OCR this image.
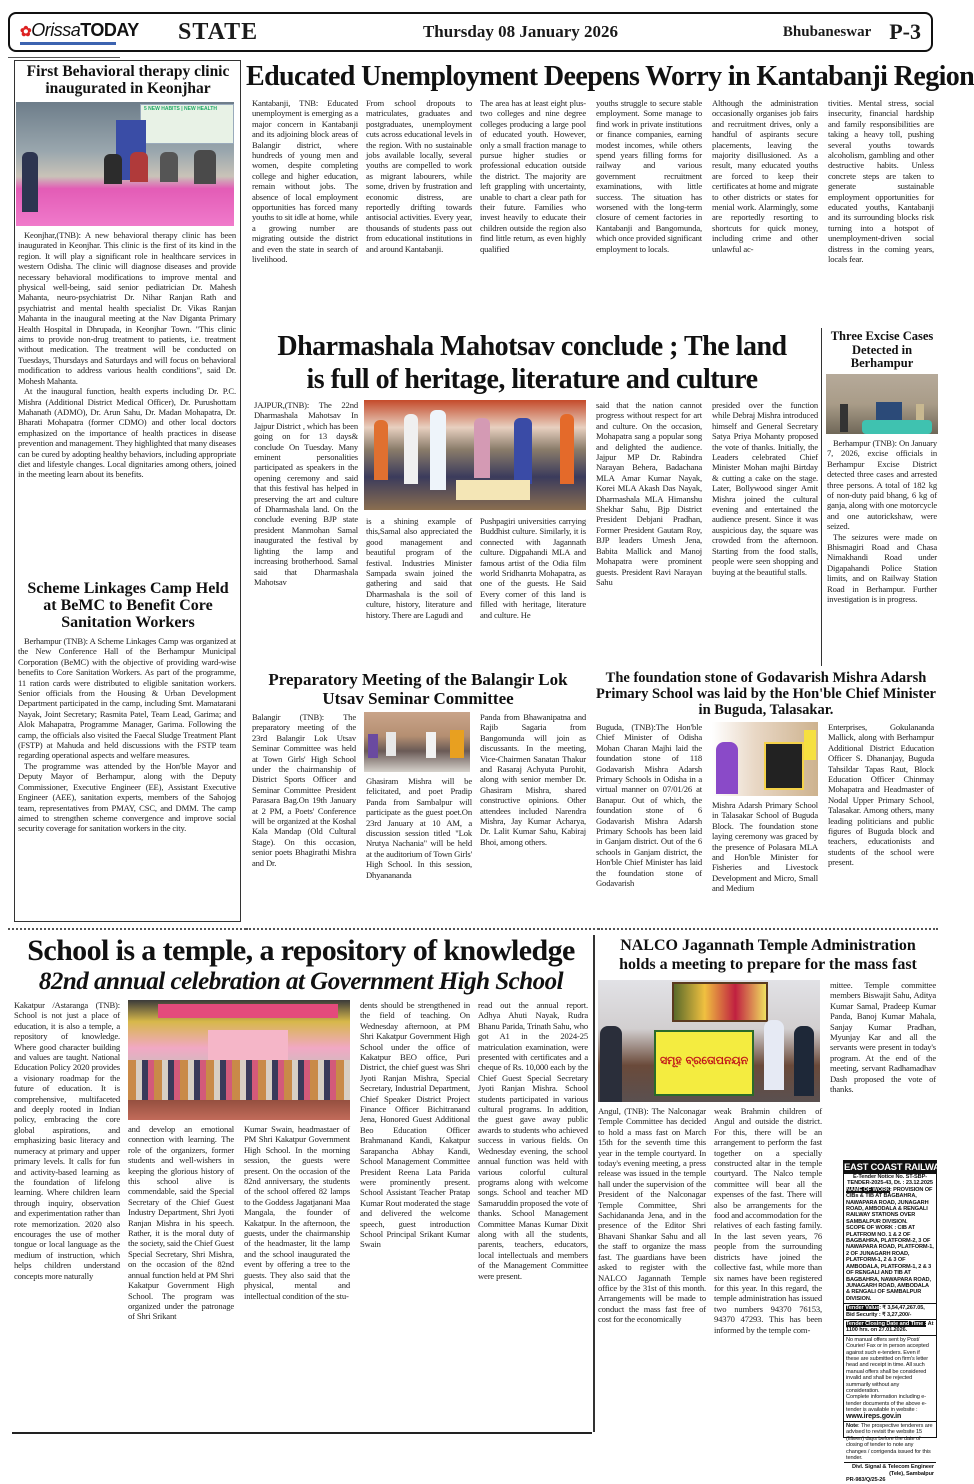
✿OrissaTODAY	STATE	Thursday 08 January 2026	Bhubaneswar P-3
First Behavioral therapy clinic inaugurated in Keonjhar
5 NEW HABITS | NEW HEALTH

Keonjhar,(TNB): A new behavioral therapy clinic has been inaugurated in Keonjhar. This clinic is the first of its kind in the region. It will play a significant role in healthcare services in western Odisha. The clinic will diagnose diseases and provide necessary behavioral modifications to improve mental and physical well-being, said senior pediatrician Dr. Mahesh Mahanta, neuro-psychiatrist Dr. Nihar Ranjan Rath and psychiatrist and mental health specialist Dr. Vikas Ranjan Mahanta in the inaugural meeting at the Nav Diganta Primary Health Hospital in Dhrupada, in Keonjhar Town. "This clinic aims to provide non-drug treatment to patients, i.e. treatment without medication. The treatment will be conducted on Tuesdays, Thursdays and Saturdays and will focus on behavioral modification to address various health conditions", said Dr. Mohesh Mahanta.

At the inaugural function, health experts including Dr. P.C. Mishra (Additional District Medical Officer), Dr. Purushottam Mahanath (ADMO), Dr. Arun Sahu, Dr. Madan Mohapatra, Dr. Bharati Mohapatra (former CDMO) and other local doctors emphasized on the importance of health practices in disease prevention and management. They highlighted that many diseases can be cured by adopting healthy behaviors, including appropriate diet and lifestyle changes. Local dignitaries among others, joined in the meeting learn about its benefits.

Scheme Linkages Camp Held at BeMC to Benefit Core Sanitation Workers

Berhampur (TNB): A Scheme Linkages Camp was organized at the New Conference Hall of the Berhampur Municipal Corporation (BeMC) with the objective of providing ward-wise benefits to Core Sanitation Workers. As part of the programme, 11 ration cards were distributed to eligible sanitation workers. Senior officials from the Housing & Urban Development Department participated in the camp, including Smt. Mamatarani Nayak, Joint Secretary; Rasmita Patel, Team Lead, Garima; and Alok Mahapatra, Programme Manager, Garima. Following the camp, the officials also visited the Faecal Sludge Treatment Plant (FSTP) at Mahuda and held discussions with the FSTP team regarding operational aspects and welfare measures.

The programme was attended by the Hon'ble Mayor and Deputy Mayor of Berhampur, along with the Deputy Commissioner, Executive Engineer (EE), Assistant Executive Engineer (AEE), sanitation experts, members of the Sahojog team, representatives from PMAY, CSC, and DMM. The camp aimed to strengthen scheme convergence and improve social security coverage for sanitation workers in the city.

Educated Unemployment Deepens Worry in Kantabanji Region
Kantabanji, TNB: Educated unemployment is emerging as a major concern in Kantabanji and its adjoining block areas of Balangir district, where hundreds of young men and women, despite completing college and higher education, remain without jobs. The absence of local employment opportunities has forced many youths to sit idle at home, while a growing number are migrating outside the district and even the state in search of livelihood.
From school dropouts to matriculates, graduates and postgraduates, unemployment cuts across educational levels in the region. With no sustainable jobs available locally, several youths are compelled to work as migrant labourers, while some, driven by frustration and economic distress, are reportedly drifting towards antisocial activities. Every year, thousands of students pass out from educational institutions in and around Kantabanji.
The area has at least eight plus-two colleges and nine degree colleges producing a large pool of educated youth. However, only a small fraction manage to pursue higher studies or professional education outside the district. The majority are left grappling with uncertainty, unable to chart a clear path for their future. Families who invest heavily to educate their children outside the region also find little return, as even highly qualified
youths struggle to secure stable employment. Some manage to find work in private institutions or finance companies, earning modest incomes, while others spend years filling forms for railway and various government recruitment examinations, with little success. The situation has worsened with the long-term closure of cement factories in Kantabanji and Bangomunda, which once provided significant employment to locals.
Although the administration occasionally organises job fairs and recruitment drives, only a handful of aspirants secure placements, leaving the majority disillusioned. As a result, many educated youths are forced to keep their certificates at home and migrate to other districts or states for menial work. Alarmingly, some are reportedly resorting to shortcuts for quick money, including crime and other unlawful ac-
tivities. Mental stress, social insecurity, financial hardship and family responsibilities are taking a heavy toll, pushing several youths towards alcoholism, gambling and other destructive habits. Unless concrete steps are taken to generate sustainable employment opportunities for educated youths, Kantabanji and its surrounding blocks risk turning into a hotspot of unemployment-driven social distress in the coming years, locals fear.
Dharmashala Mahotsav conclude ; The land
is full of heritage, literature and culture
JAJPUR,(TNB): The 22nd Dharmashala Mahotsav In Jajpur District , which has been going on for 13 days& conclude On Tuesday. Many eminent personalities participated as speakers in the opening ceremony and said that this festival has helped in preserving the art and culture of Dharmashala land. On the conclude evening BJP state president Manmohan Samal inaugurated the festival by lighting the lamp and increasing brotherhood. Samal said that Dharmashala Mahotsav
is a shining example of this,Samal also appreciated the good management and beautiful program of the festival. Industries Minister Sampada swain joined the gathering and said that Dharmashala is the soil of culture, history, literature and history. There are Lagudi and
Pushpagiri universities carrying Buddhist culture. Similarly, it is connected with Jagannath culture. Digpahandi MLA and famous artist of the Odia film world Sridhanrta Mohapatra, as one of the guests. He Said Every corner of this land is filled with heritage, literature and culture. He
said that the nation cannot progress without respect for art and culture. On the occasion, Mohapatra sang a popular song and delighted the audience. Jajpur MP Dr. Rabindra Narayan Behera, Badachana MLA Amar Kumar Nayak, Korei MLA Akash Das Nayak, Dharmashala MLA Himanshu Shekhar Sahu, Bjp District President Debjani Pradhan, Former President Gautam Roy, BJP leaders Umesh Jena, Babita Mallick and Manoj Mohapatra were prominent guests. President Ravi Narayan Sahu
presided over the function while Debraj Mishra introduced himself and General Secretary Satya Priya Mohanty proposed the vote of thanks. Initially, the Leaders celebrated Chief Minister Mohan majhi Birtday & cutting a cake on the stage. Later, Bollywood singer Amit Mishra joined the cultural evening and entertained the audience present. Since it was auspicious day, the square was crowded from the afternoon. Starting from the food stalls, people were seen shopping and buying at the beautiful stalls.
Three Excise Cases Detected in Berhampur

Berhampur (TNB): On January 7, 2026, excise officials in Berhampur Excise District detected three cases and arrested three persons. A total of 182 kg of non-duty paid bhang, 6 kg of ganja, along with one motorcycle and one autorickshaw, were seized.

The seizures were made on Bhismagiri Road and Chasa Nimakhandi Road under Digapahandi Police Station limits, and on Railway Station Road in Berhampur. Further investigation is in progress.

Preparatory Meeting of the Balangir Lok Utsav Seminar Committee
Balangir (TNB): The preparatory meeting of the 23rd Balangir Lok Utsav Seminar Committee was held at Town Girls' High School under the chairmanship of District Sports Officer and Seminar Committee President Parasara Bag.On 19th January at 2 PM, a Poets' Conference will be organized at the Koshal Kala Mandap (Old Cultural Stage). On this occasion, senior poets Bhagirathi Mishra and Dr.
Ghasiram Mishra will be felicitated, and poet Pradip Panda from Sambalpur will participate as the guest poet.On 23rd January at 10 AM, a discussion session titled "Lok Nrutya Nachania" will be held at the auditorium of Town Girls' High School. In this session, Dhyanananda
Panda from Bhawanipatna and Rajib Sagaria from Bangomunda will join as discussants. In the meeting, Vice-Chairmen Sanatan Thakur and Rasaraj Achyuta Purohit, along with senior member Dr. Ghasiram Mishra, shared constructive opinions. Other attendees included Narendra Mishra, Jay Kumar Acharya, Dr. Lalit Kumar Sahu, Kabiraj Bhoi, among others.
The foundation stone of Godavarish Mishra Adarsh Primary School was laid by the Hon'ble Chief Minister in Buguda, Talasakar.
Buguda, (TNB):The Hon'ble Chief Minister of Odisha Mohan Charan Majhi laid the foundation stone of 118 Godavarish Mishra Adarsh Primary Schools in Odisha in a virtual manner on 07/01/26 at Banapur. Out of which, the foundation stone of 6 Godavarish Mishra Adarsh Primary Schools has been laid in Ganjam district. Out of the 6 schools in Ganjam district, the Hon'ble Chief Minister has laid the foundation stone of Godavarish
Mishra Adarsh Primary School in Talasakar School of Buguda Block. The foundation stone laying ceremony was graced by the presence of Polasara MLA and Hon'ble Minister for Fisheries and Livestock Development and Micro, Small and Medium
Enterprises, Gokulananda Mallick, along with Berhampur Additional District Education Officer S. Dhananjay, Buguda Tahsildar Tapas Raut, Block Education Officer Chinmay Mohapatra and Headmaster of Nodal Upper Primary School, Talasakar. Among others, many leading politicians and public figures of Buguda block and teachers, educationists and students of the school were present.
School is a temple, a repository of knowledge
82nd annual celebration at Government High School
Kakatpur /Astaranga (TNB): School is not just a place of education, it is also a temple, a repository of knowledge. Where good character building and values are taught. National Education Policy 2020 provides a visionary roadmap for the future of education. It is comprehensive, multifaceted and deeply rooted in Indian policy, embracing the core global aspirations, and emphasizing basic literacy and numeracy at primary and upper primary levels. It calls for fun and activity-based learning as the foundation of lifelong learning. Where children learn through inquiry, observation and experimentation rather than rote memorization. 2020 also encourages the use of mother tongue or local language as the medium of instruction, which helps children understand concepts more naturally
and develop an emotional connection with learning. The role of the organizers, former students and well-wishers in keeping the glorious history of this school alive is commendable, said the Special Secretary of the Chief Guest Industry Department, Shri Jyoti Ranjan Mishra in his speech. Rather, it is the moral duty of the society, said the Chief Guest Special Secretary, Shri Mishra, on the occasion of the 82nd annual function held at PM Shri Kakatpur Government High School. The program was organized under the patronage of Shri Srikant
Kumar Swain, headmastaer of PM Shri Kakatpur Government High School. In the morning session, the guests were present. On the occasion of the 82nd anniversary, the students of the school offered 82 lamps to the Goddess Jagatjanani Maa Mangala, the founder of Kakatpur. In the afternoon, the guests, under the chairmanship of the headmaster, lit the lamp and the school inaugurated the event by offering a tree to the guests. They also said that the physical, mental and intellectual condition of the stu-
dents should be strengthened in the field of teaching. On Wednesday afternoon, at PM Shri Kakatpur Government High School under the office of Kakatpur BEO office, Puri District, the chief guest was Shri Jyoti Ranjan Mishra, Special Secretary, Industrial Department, Chief Speaker District Project Finance Officer Bichitranand Jena, Honored Guest Additional Beo Education Officer Brahmanand Kandi, Kakatpur Sarapancha Abhay Kandi, School Management Committee President Reena Lata Parida were prominently present. School Assistant Teacher Pratap Kumar Rout moderated the stage and delivered the welcome speech, guest introduction School Principal Srikant Kumar Swain
read out the annual report. Adhya Ahuti Nayak, Rudra Bhanu Parida, Trinath Sahu, who got A1 in the 2024-25 matriculation examination, were presented with certificates and a cheque of Rs. 10,000 each by the Chief Guest Special Secretary Jyoti Ranjan Mishra. School students participated in various cultural programs. In addition, the guest gave away public awards to students who achieved success in various fields. On Wednesday evening, the school annual function was held with various colorful cultural programs along with welcome songs. School and teacher MD Samaruddin proposed the vote of thanks. School Management Committee Manas Kumar Dixit along with all the students, parents, teachers, educators, local intellectuals and members of the Management Committee were present.
NALCO Jagannath Temple Administration holds a meeting to prepare for the mass fast
ସମୂହ ବ୍ରତୋପନୟନ
Angul, (TNB): The Nalconagar Temple Committee has decided to hold a mass fast on March 15th for the seventh time this year in the temple courtyard. In today's evening meeting, a press release was issued in the temple hall under the supervision of the President of the Nalconagar Temple Committee, Shri Sachidananda Jena, and in the presence of the Editor Shri Bhavani Shankar Sahu and all the staff to organize the mass fast. The guardians have been asked to register with the NALCO Jagannath Temple office by the 31st of this month. Arrangements will be made to conduct the mass fast free of cost for the economically
weak Brahmin children of Angul and outside the district. For this, there will be an arrangement to perform the fast together on a specially constructed altar in the temple courtyard. The Nalco temple committee will bear all the expenses of the fast. There will also be arrangements for the food and accommodation for the relatives of each fasting family. In the last seven years, 76 people from the surrounding districts have joined the collective fast, while more than six names have been registered for this year. In this regard, the temple administration has issued two numbers 94370 76153, 94370 47293. This has been informed by the temple com-
mittee. Temple committee members Biswajit Sahu, Aditya Kumar Samal, Pradeep Kumar Panda, Banoj Kumar Mahala, Sanjay Kumar Pradhan, Myunjay Kar and all the servants were present in today's program. At the end of the meeting, servant Radhamadhav Dash proposed the vote of thanks.
EAST COAST RAILWAY
E-Tender Notice No. ST-SBP-TENDER-2025-43, Dt. : 23.12.2025
NAME OF WORK: PROVISION OF CIBs & TIB AT BAGBAHRA, NAWAPARA ROAD, JUNAGARH ROAD, AMBODALA & RENGALI RAILWAY STATIONS OVER SAMBALPUR DIVISION.
SCOPE OF WORK : CIB AT PLATFROM NO. 1 & 2 OF BAGBAHRA, PLATFORM-2, 3 OF NAWAPARA ROAD, PLATFORM-1, 2 OF JUNAGARH ROAD, PLATFORM-1, 2 & 3 OF AMBODALA, PLATFORM-1, 2 & 3 OF RENGALI AND TIB AT BAGBAHRA, NAWAPARA ROAD, JUNAGARH ROAD, AMBODALA & RENGALI OF SAMBALPUR DIVISION.
Tender Value: ₹ 3,54,47,267.05, Bid Security : ₹ 3,27,200/-
Tender Closing Date and Time : At 1100 hrs. on 27.01.2026.
No manual offers sent by Post/ Courier/ Fax or in person accepted against such e-tenders. Even if these are submitted on firm's letter head and receipt in time. All such manual offers shall be considered invalid and shall be rejected summarily without any consideration.
Complete information including e-tender documents of the above e-tender is available in website : www.ireps.gov.in
Note: The prospective tenderers are advised to revisit the website 15 (fifteen) days before the date of closing of tender to note any changes / corrigenda issued for this tender.
Divl. Signal & Telecom Engineer (Tele), Sambalpur
PR-983/Q/25-26
